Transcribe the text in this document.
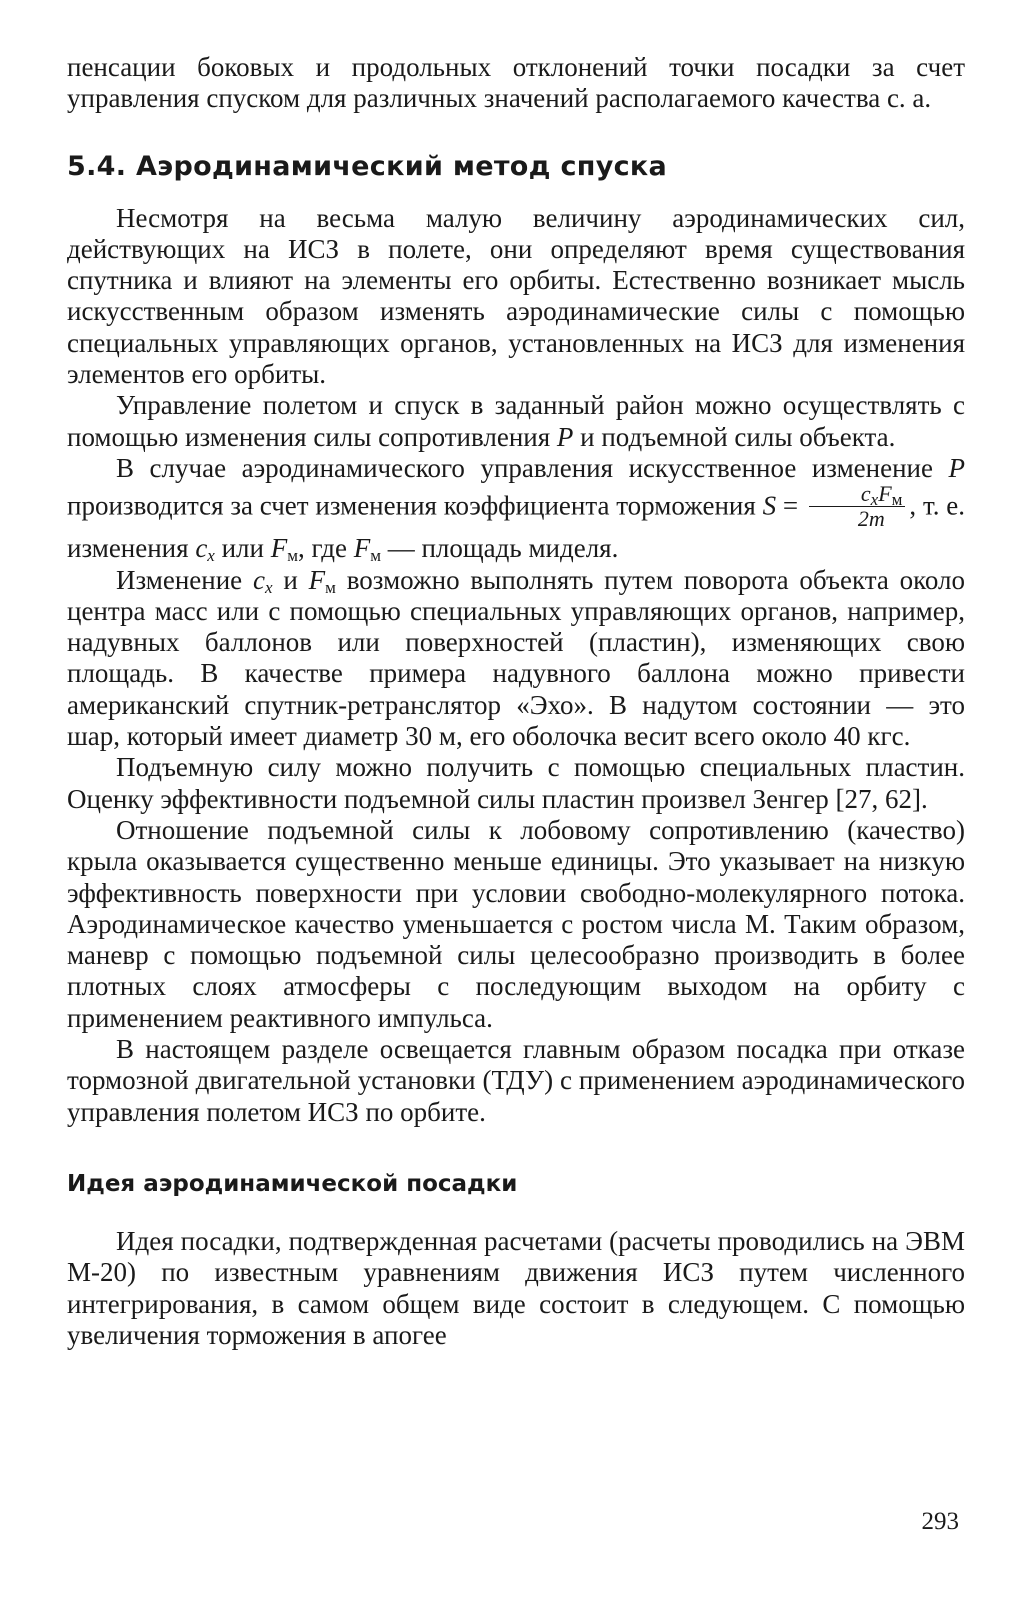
пенсации боковых и продольных отклонений точки посадки за счет управления спуском для различных значений располагаемого качества с. а.

5.4. Аэродинамический метод спуска

Несмотря на весьма малую величину аэродинамических сил, действующих на ИСЗ в полете, они определяют время существования спутника и влияют на элементы его орбиты. Естественно возникает мысль искусственным образом изменять аэродинамические силы с помощью специальных управляющих органов, установленных на ИСЗ для изменения элементов его орбиты.

Управление полетом и спуск в заданный район можно осуществлять с помощью изменения силы сопротивления P и подъемной силы объекта.

В случае аэродинамического управления искусственное изменение P производится за счет изменения коэффициента торможения $S = \frac{c_xF_м}{2m}$ , т. е. изменения $c_x$ или $F_м$, где $F_м$ — площадь миделя.

Изменение $c_x$ и $F_м$ возможно выполнять путем поворота объекта около центра масс или с помощью специальных управляющих органов, например, надувных баллонов или поверхностей (пластин), изменяющих свою площадь. В качестве примера надувного баллона можно привести американский спутник-ретранслятор «Эхо». В надутом состоянии — это шар, который имеет диаметр 30 м, его оболочка весит всего около 40 кгс.

Подъемную силу можно получить с помощью специальных пластин. Оценку эффективности подъемной силы пластин произвел Зенгер [27, 62].

Отношение подъемной силы к лобовому сопротивлению (качество) крыла оказывается существенно меньше единицы. Это указывает на низкую эффективность поверхности при условии свободно-молекулярного потока. Аэродинамическое качество уменьшается с ростом числа М. Таким образом, маневр с помощью подъемной силы целесообразно производить в более плотных слоях атмосферы с последующим выходом на орбиту с применением реактивного импульса.

В настоящем разделе освещается главным образом посадка при отказе тормозной двигательной установки (ТДУ) с применением аэродинамического управления полетом ИСЗ по орбите.

Идея аэродинамической посадки

Идея посадки, подтвержденная расчетами (расчеты проводились на ЭВМ М-20) по известным уравнениям движения ИСЗ путем численного интегрирования, в самом общем виде состоит в следующем. С помощью увеличения торможения в апогее

293
